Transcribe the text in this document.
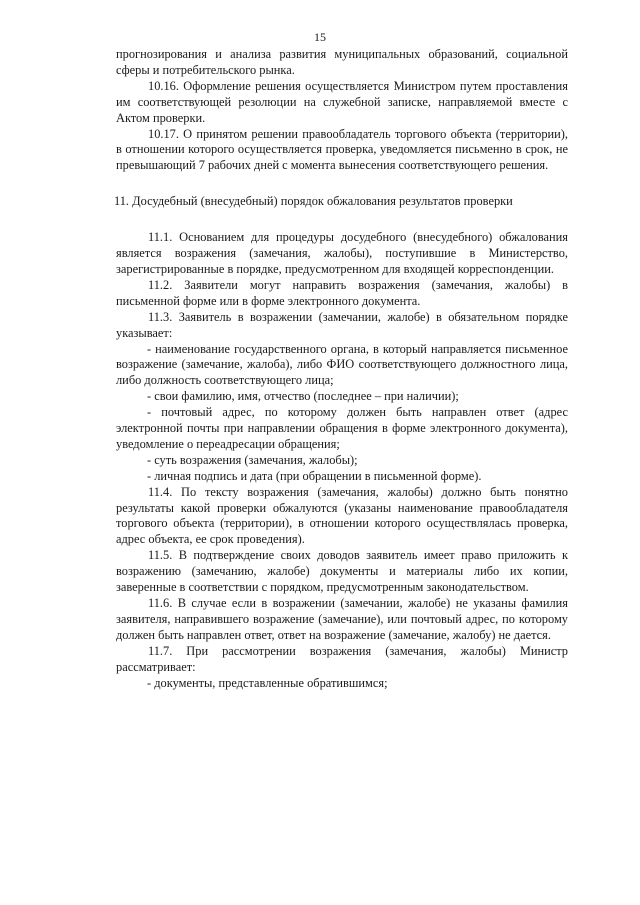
15

прогнозирования и анализа развития муниципальных образований, социальной сферы и потребительского рынка.

10.16. Оформление решения осуществляется Министром путем проставления им соответствующей резолюции на служебной записке, направляемой вместе с Актом проверки.

10.17. О принятом решении правообладатель торгового объекта (территории), в отношении которого осуществляется проверка, уведомляется письменно в срок, не превышающий 7 рабочих дней с момента вынесения соответствующего решения.

11. Досудебный (внесудебный) порядок обжалования результатов проверки

11.1. Основанием для процедуры досудебного (внесудебного) обжалования является возражения (замечания, жалобы), поступившие в Министерство, зарегистрированные в порядке, предусмотренном для входящей корреспонденции.

11.2. Заявители могут направить возражения (замечания, жалобы) в письменной форме или в форме электронного документа.

11.3. Заявитель в возражении (замечании, жалобе) в обязательном порядке указывает:

- наименование государственного органа, в который направляется письменное возражение (замечание, жалоба), либо ФИО соответствующего должностного лица, либо должность соответствующего лица;

- свои фамилию, имя, отчество (последнее – при наличии);

- почтовый адрес, по которому должен быть направлен ответ (адрес электронной почты при направлении обращения в форме электронного документа), уведомление о переадресации обращения;

- суть возражения (замечания, жалобы);

- личная подпись и дата (при обращении в письменной форме).

11.4. По тексту возражения (замечания, жалобы) должно быть понятно результаты какой проверки обжалуются (указаны наименование правообладателя торгового объекта (территории), в отношении которого осуществлялась проверка, адрес объекта, ее срок проведения).

11.5. В подтверждение своих доводов заявитель имеет право приложить к возражению (замечанию, жалобе) документы и материалы либо их копии, заверенные в соответствии с порядком, предусмотренным законодательством.

11.6. В случае если в возражении (замечании, жалобе) не указаны фамилия заявителя, направившего возражение (замечание), или почтовый адрес, по которому должен быть направлен ответ, ответ на возражение (замечание, жалобу) не дается.

11.7. При рассмотрении возражения (замечания, жалобы) Министр рассматривает:

- документы, представленные обратившимся;
